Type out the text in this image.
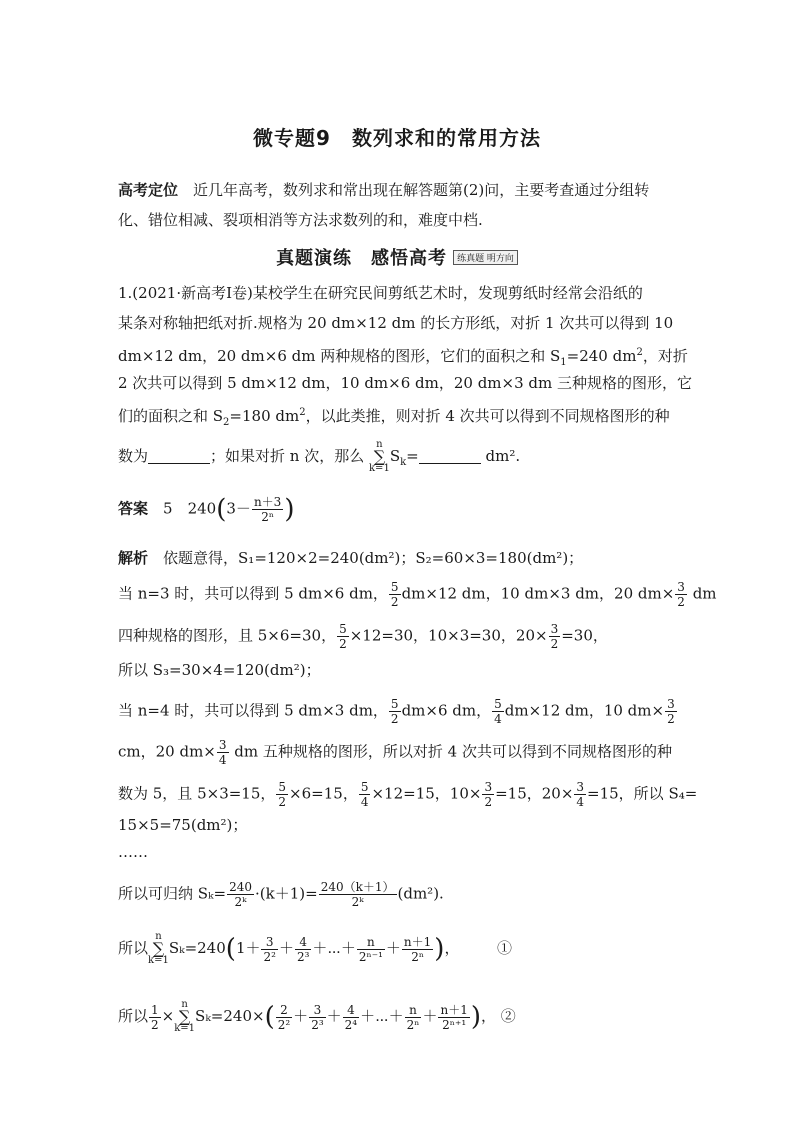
微专题9　数列求和的常用方法
高考定位　 近几年高考，数列求和常出现在解答题第(2)问，主要考查通过分组转
化、错位相减、裂项相消等方法求数列的和，难度中档.
真题演练　感悟高考 练真题 明方向
1.(2021·新高考Ⅰ卷)某校学生在研究民间剪纸艺术时，发现剪纸时经常会沿纸的
某条对称轴把纸对折.规格为 20 dm×12 dm 的长方形纸，对折 1 次共可以得到 10
dm×12 dm，20 dm×6 dm 两种规格的图形，它们的面积之和 $S_1=240$ $dm^2$，对折
2 次共可以得到 5 dm×12 dm，10 dm×6 dm，20 dm×3 dm 三种规格的图形，它
们的面积之和 $S_2=180$ $dm^2$，以此类推，则对折 4 次共可以得到不同规格图形的种
数为	；如果对折 n 次，那么 n
∑
$k=1S_k=$	dm².
答案　 5　 $240(3- \frac{n+3}{\text{2ⁿ}}$ )
解析　 依题意得，S₁=120×2=240(dm²)；S₂=60×3=180(dm²)；
当 n=3 时，共可以得到 5 dm×6 dm， $\frac{5}{2} dm\times 12$ dm，10 dm×3 dm，20 $dm\times \frac{3}{2}$ dm
四种规格的图形，且 5×6=30， $\frac{5}{2} \times 12=30$，10×3=30，$20\times \frac{3}{2} =30$，
所以 S₃=30×4=120(dm²)；
当 n=4 时，共可以得到 5 dm×3 dm， $\frac{5}{2} dm\times 6$ dm， $\frac{5}{4} dm\times 12$ dm，10 $dm\times \frac{3}{2}$
cm，20 $dm\times \frac{3}{4}$ dm 五种规格的图形，所以对折 4 次共可以得到不同规格图形的种
数为 5，且 5×3=15， $\frac{5}{2} \times 6=15$， $\frac{5}{4} \times 12=15$，$10\times \frac{3}{2} =15$，$20\times \frac{3}{4} =15$，所以 S₄=
15×5=75(dm²)；
……
所以可归纳 $S_k= \frac{240}{\text{2ᵏ}} \cdot(k+1)= \frac{240(k+1)}{\text{2ᵏ}} (dm^2)$.
所以n
∑
$k=1S_k=240(1+ \frac{3}{\text{2²}} + \frac{4}{\text{2³}}$ ＋⋯＋ $\frac{n}{\text{2ⁿ⁻¹}} + \frac{n+1}{\text{2ⁿ}}$ )，　　　	①
所以 $\frac{1}{2} \times n$
∑
$k=1S_k=240\times( \frac{2}{\text{2²}} + \frac{3}{\text{2³}} + \frac{4}{\text{2⁴}}$ ＋⋯＋ $\frac{n}{\text{2ⁿ}} + \frac{n+1}{\text{2ⁿ⁺¹}}$ )， ②
